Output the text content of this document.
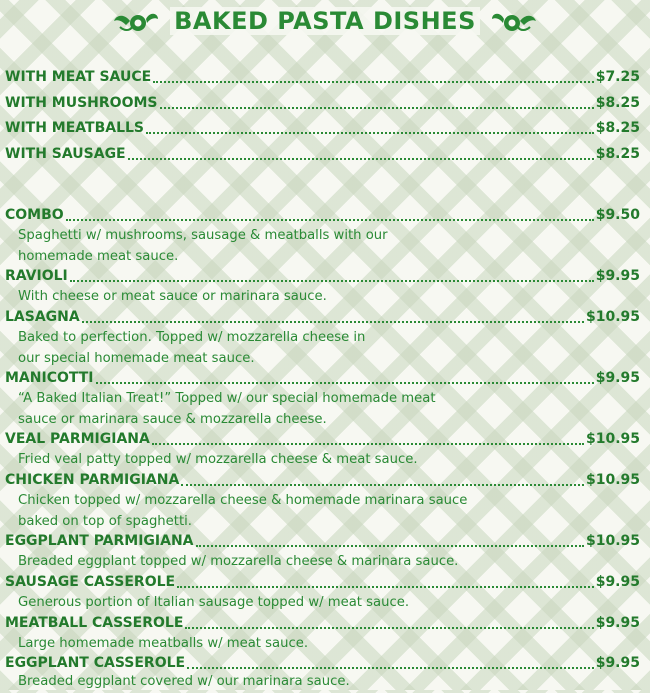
BAKED PASTA DISHES
WITH MEAT SAUCE	$7.25
WITH MUSHROOMS	$8.25
WITH MEATBALLS	$8.25
WITH SAUSAGE	$8.25
COMBO	$9.50
Spaghetti w/ mushrooms, sausage & meatballs with our
homemade meat sauce.
RAVIOLI	$9.95
With cheese or meat sauce or marinara sauce.
LASAGNA	$10.95
Baked to perfection. Topped w/ mozzarella cheese in
our special homemade meat sauce.
MANICOTTI	$9.95
“A Baked Italian Treat!” Topped w/ our special homemade meat
sauce or marinara sauce & mozzarella cheese.
VEAL PARMIGIANA	$10.95
Fried veal patty topped w/ mozzarella cheese & meat sauce.
CHICKEN PARMIGIANA	$10.95
Chicken topped w/ mozzarella cheese & homemade marinara sauce
baked on top of spaghetti.
EGGPLANT PARMIGIANA	$10.95
Breaded eggplant topped w/ mozzarella cheese & marinara sauce.
SAUSAGE CASSEROLE	$9.95
Generous portion of Italian sausage topped w/ meat sauce.
MEATBALL CASSEROLE	$9.95
Large homemade meatballs w/ meat sauce.
EGGPLANT CASSEROLE	$9.95
Breaded eggplant covered w/ our marinara sauce.
